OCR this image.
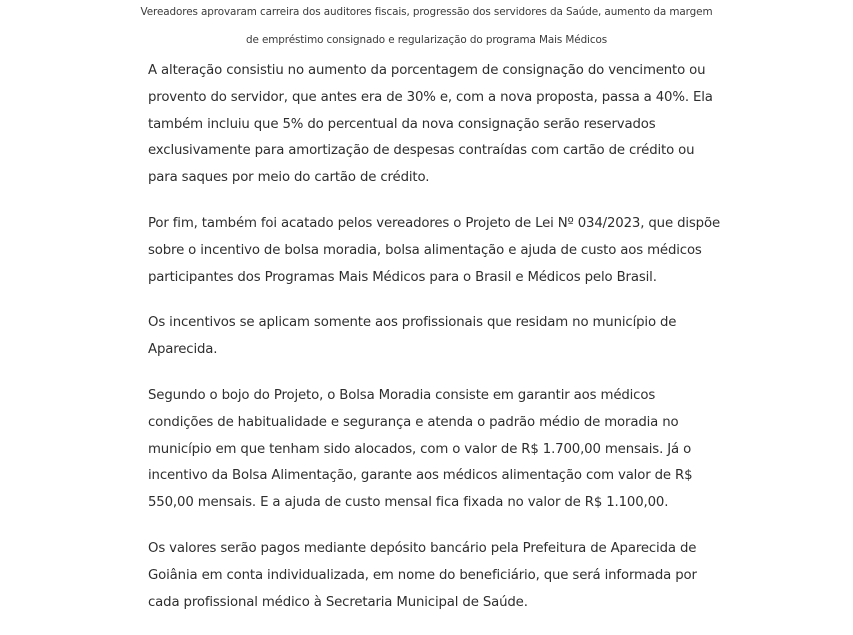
Vereadores aprovaram carreira dos auditores fiscais, progressão dos servidores da Saúde, aumento da margem
de empréstimo consignado e regularização do programa Mais Médicos

A alteração consistiu no aumento da porcentagem de consignação do vencimento ou
provento do servidor, que antes era de 30% e, com a nova proposta, passa a 40%. Ela
também incluiu que 5% do percentual da nova consignação serão reservados
exclusivamente para amortização de despesas contraídas com cartão de crédito ou
para saques por meio do cartão de crédito.

Por fim, também foi acatado pelos vereadores o Projeto de Lei Nº 034/2023, que dispõe
sobre o incentivo de bolsa moradia, bolsa alimentação e ajuda de custo aos médicos
participantes dos Programas Mais Médicos para o Brasil e Médicos pelo Brasil.

Os incentivos se aplicam somente aos profissionais que residam no município de
Aparecida.

Segundo o bojo do Projeto, o Bolsa Moradia consiste em garantir aos médicos
condições de habitualidade e segurança e atenda o padrão médio de moradia no
município em que tenham sido alocados, com o valor de R$ 1.700,00 mensais. Já o
incentivo da Bolsa Alimentação, garante aos médicos alimentação com valor de R$
550,00 mensais. E a ajuda de custo mensal fica fixada no valor de R$ 1.100,00.

Os valores serão pagos mediante depósito bancário pela Prefeitura de Aparecida de
Goiânia em conta individualizada, em nome do beneficiário, que será informada por
cada profissional médico à Secretaria Municipal de Saúde.
